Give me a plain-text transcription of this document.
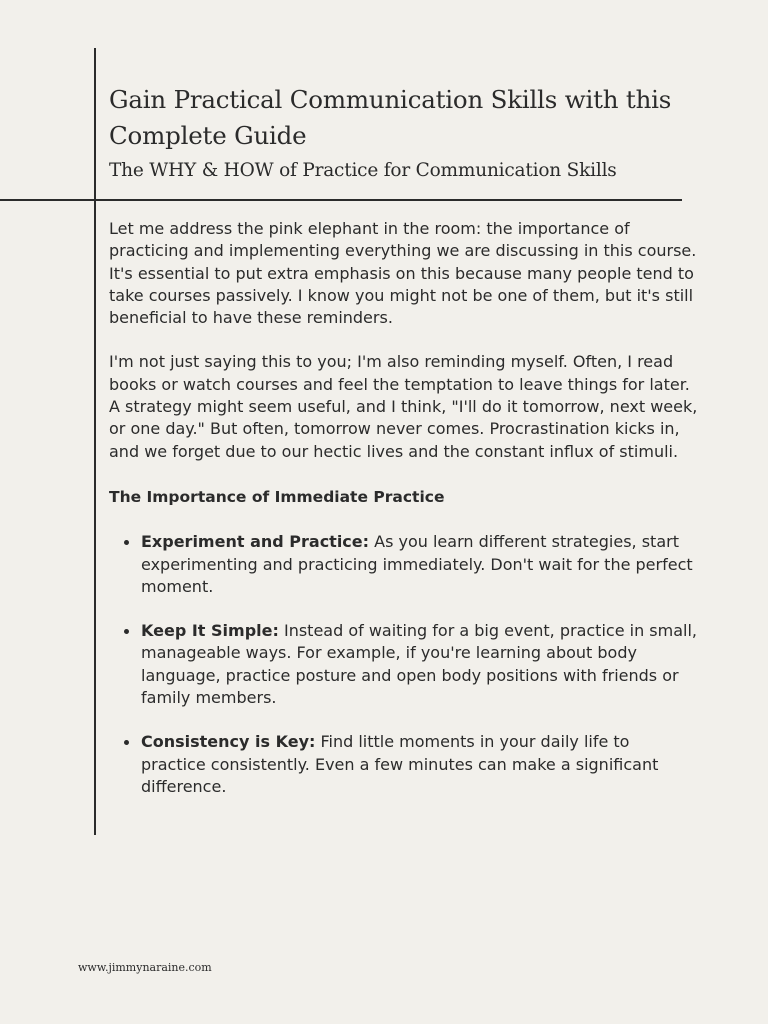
Gain Practical Communication Skills with this Complete Guide
The WHY & HOW of Practice for Communication Skills

Let me address the pink elephant in the room: the importance of practicing and implementing everything we are discussing in this course. It's essential to put extra emphasis on this because many people tend to take courses passively. I know you might not be one of them, but it's still beneficial to have these reminders.

I'm not just saying this to you; I'm also reminding myself. Often, I read books or watch courses and feel the temptation to leave things for later. A strategy might seem useful, and I think, "I'll do it tomorrow, next week, or one day." But often, tomorrow never comes. Procrastination kicks in, and we forget due to our hectic lives and the constant influx of stimuli.

The Importance of Immediate Practice

Experiment and Practice: As you learn different strategies, start experimenting and practicing immediately. Don't wait for the perfect moment.
Keep It Simple: Instead of waiting for a big event, practice in small, manageable ways. For example, if you're learning about body language, practice posture and open body positions with friends or family members.
Consistency is Key: Find little moments in your daily life to practice consistently. Even a few minutes can make a significant difference.
www.jimmynaraine.com
